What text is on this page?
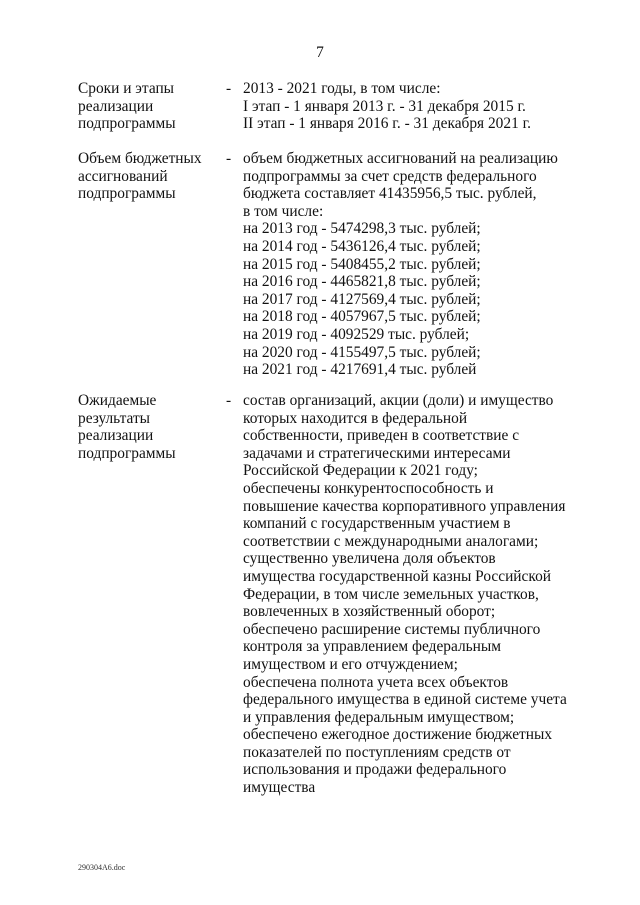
7
Сроки и этапы
реализации
подпрограммы
- 2013 - 2021 годы, в том числе:
I этап - 1 января 2013 г. - 31 декабря 2015 г.
II этап - 1 января 2016 г. - 31 декабря 2021 г.
Объем бюджетных
ассигнований
подпрограммы
- объем бюджетных ассигнований на реализацию
подпрограммы за счет средств федерального
бюджета составляет 41435956,5 тыс. рублей,
в том числе:
на 2013 год - 5474298,3 тыс. рублей;
на 2014 год - 5436126,4 тыс. рублей;
на 2015 год - 5408455,2 тыс. рублей;
на 2016 год - 4465821,8 тыс. рублей;
на 2017 год - 4127569,4 тыс. рублей;
на 2018 год - 4057967,5 тыс. рублей;
на 2019 год - 4092529 тыс. рублей;
на 2020 год - 4155497,5 тыс. рублей;
на 2021 год - 4217691,4 тыс. рублей
Ожидаемые
результаты
реализации
подпрограммы
- состав организаций, акции (доли) и имущество
которых находится в федеральной
собственности, приведен в соответствие с
задачами и стратегическими интересами
Российской Федерации к 2021 году;
обеспечены конкурентоспособность и
повышение качества корпоративного управления
компаний с государственным участием в
соответствии с международными аналогами;
существенно увеличена доля объектов
имущества государственной казны Российской
Федерации, в том числе земельных участков,
вовлеченных в хозяйственный оборот;
обеспечено расширение системы публичного
контроля за управлением федеральным
имуществом и его отчуждением;
обеспечена полнота учета всех объектов
федерального имущества в единой системе учета
и управления федеральным имуществом;
обеспечено ежегодное достижение бюджетных
показателей по поступлениям средств от
использования и продажи федерального
имущества
290304A6.doc
